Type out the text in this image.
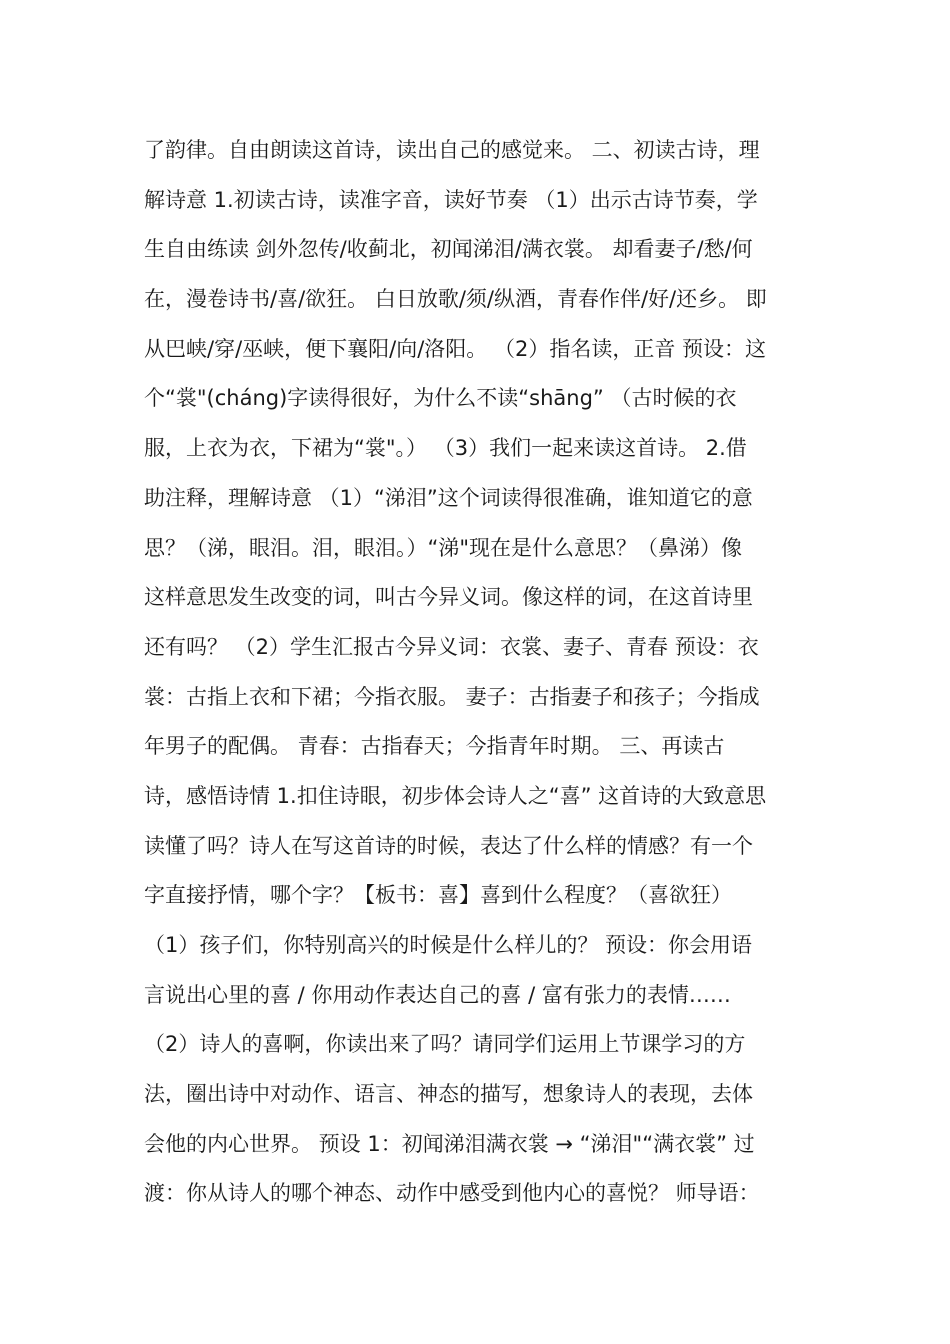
了韵律。自由朗读这首诗，读出自己的感觉来。 二、初读古诗，理
解诗意 1.初读古诗，读准字音，读好节奏 （1）出示古诗节奏，学
生自由练读 剑外忽传/收蓟北，初闻涕泪/满衣裳。 却看妻子/愁/何
在，漫卷诗书/喜/欲狂。 白日放歌/须/纵酒，青春作伴/好/还乡。 即
从巴峡/穿/巫峡，便下襄阳/向/洛阳。 （2）指名读，正音 预设：这
个“裳"(cháng)字读得很好，为什么不读“shāng” （古时候的衣
服，上衣为衣，下裙为“裳"。） （3）我们一起来读这首诗。 2.借
助注释，理解诗意 （1）“涕泪”这个词读得很准确，谁知道它的意
思？（涕，眼泪。泪，眼泪。）“涕"现在是什么意思？（鼻涕）像
这样意思发生改变的词，叫古今异义词。像这样的词，在这首诗里
还有吗？ （2）学生汇报古今异义词：衣裳、妻子、青春 预设：衣
裳：古指上衣和下裙；今指衣服。 妻子：古指妻子和孩子；今指成
年男子的配偶。 青春：古指春天；今指青年时期。 三、再读古
诗，感悟诗情 1.扣住诗眼，初步体会诗人之“喜” 这首诗的大致意思
读懂了吗？诗人在写这首诗的时候，表达了什么样的情感？有一个
字直接抒情，哪个字？【板书：喜】喜到什么程度？（喜欲狂）
（1）孩子们，你特别高兴的时候是什么样儿的？ 预设：你会用语
言说出心里的喜 / 你用动作表达自己的喜 / 富有张力的表情……
（2）诗人的喜啊，你读出来了吗？请同学们运用上节课学习的方
法，圈出诗中对动作、语言、神态的描写，想象诗人的表现，去体
会他的内心世界。 预设 1：初闻涕泪满衣裳 → “涕泪"“满衣裳” 过
渡：你从诗人的哪个神态、动作中感受到他内心的喜悦？ 师导语：
